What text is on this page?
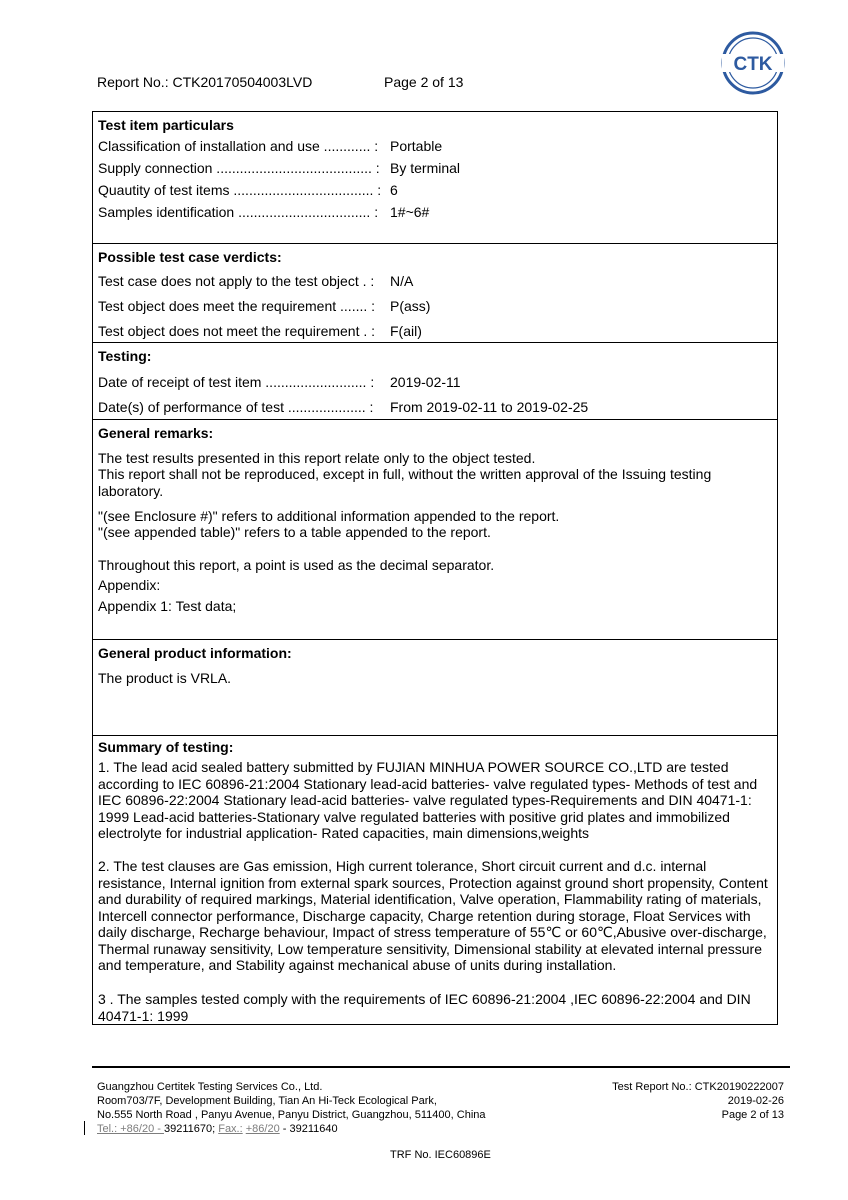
Report No.: CTK20170504003LVD	Page 2 of 13
CTK
Test item particulars
Classification of installation and use ............ : Portable
Supply connection ........................................ : By terminal
Quautity of test items .................................... : 6
Samples identification .................................. : 1#~6#
Possible test case verdicts:
Test case does not apply to the test object . : N/A
Test object does meet the requirement ....... : P(ass)
Test object does not meet the requirement . : F(ail)
Testing:
Date of receipt of test item .......................... : 2019-02-11
Date(s) of performance of test .................... : From 2019-02-11 to 2019-02-25
General remarks:
The test results presented in this report relate only to the object tested.
This report shall not be reproduced, except in full, without the written approval of the Issuing testing laboratory.
"(see Enclosure #)" refers to additional information appended to the report.
"(see appended table)" refers to a table appended to the report.
Throughout this report, a point is used as the decimal separator.
Appendix:
Appendix 1: Test data;
General product information:
The product is VRLA.
Summary of testing:
1. The lead acid sealed battery submitted by FUJIAN MINHUA POWER SOURCE CO.,LTD are tested according to IEC 60896-21:2004 Stationary lead-acid batteries- valve regulated types- Methods of test and IEC 60896-22:2004 Stationary lead-acid batteries- valve regulated types-Requirements and DIN 40471-1: 1999 Lead-acid batteries-Stationary valve regulated batteries with positive grid plates and immobilized electrolyte for industrial application- Rated capacities, main dimensions,weights
2. The test clauses are Gas emission, High current tolerance, Short circuit current and d.c. internal resistance, Internal ignition from external spark sources, Protection against ground short propensity, Content and durability of required markings, Material identification, Valve operation, Flammability rating of materials, Intercell connector performance, Discharge capacity, Charge retention during storage, Float Services with daily discharge, Recharge behaviour, Impact of stress temperature of 55℃ or 60℃,Abusive over-discharge, Thermal runaway sensitivity, Low temperature sensitivity, Dimensional stability at elevated internal pressure and temperature, and Stability against mechanical abuse of units during installation.
3 . The samples tested comply with the requirements of IEC 60896-21:2004 ,IEC 60896-22:2004 and DIN 40471-1: 1999
Guangzhou Certitek Testing Services Co., Ltd.
Room703/7F, Development Building, Tian An Hi-Teck Ecological Park,
No.555 North Road , Panyu Avenue, Panyu District, Guangzhou, 511400, China
Tel.: +86/20 - 39211670; Fax.: +86/20 - 39211640
Test Report No.: CTK20190222007
2019-02-26
Page 2 of 13
TRF No. IEC60896E
